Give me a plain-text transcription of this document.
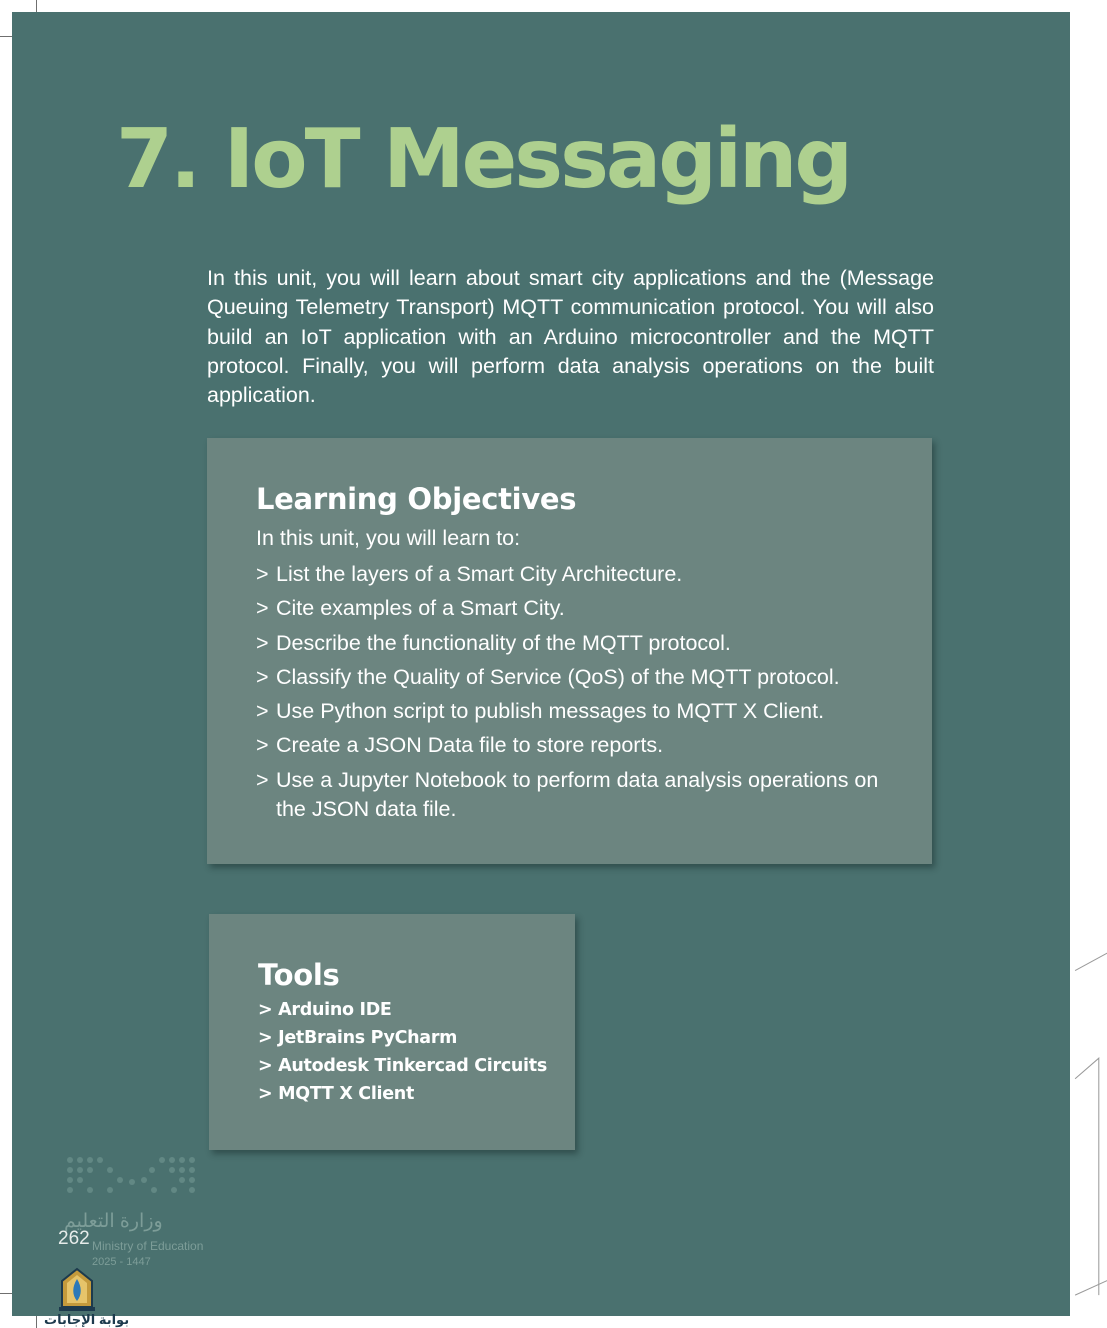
7. IoT Messaging

In this unit, you will learn about smart city applications and the (Message Queuing Telemetry Transport) MQTT communication protocol. You will also build an IoT application with an Arduino microcontroller and the MQTT protocol. Finally, you will perform data analysis operations on the built application.

Learning Objectives
In this unit, you will learn to:
> List the layers of a Smart City Architecture.
> Cite examples of a Smart City.
> Describe the functionality of the MQTT protocol.
> Classify the Quality of Service (QoS) of the MQTT protocol.
> Use Python script to publish messages to MQTT X Client.
> Create a JSON Data file to store reports.
> Use a Jupyter Notebook to perform data analysis operations on the JSON data file.
Tools
> Arduino IDE
> JetBrains PyCharm
> Autodesk Tinkercad Circuits
> MQTT X Client
وزارة التعليم
Ministry of Education
2025 - 1447
262
بوابة الإجابات
